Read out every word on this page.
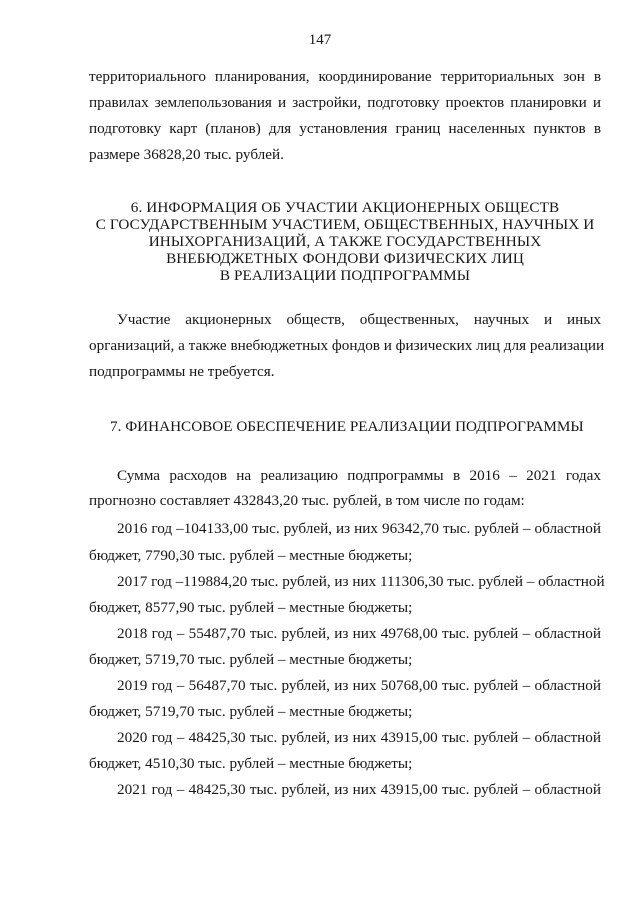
147
территориального планирования, координирование территориальных зон в
правилах землепользования и застройки, подготовку проектов планировки и
подготовку карт (планов) для установления границ населенных пунктов в
размере 36828,20 тыс. рублей.
6. ИНФОРМАЦИЯ ОБ УЧАСТИИ АКЦИОНЕРНЫХ ОБЩЕСТВ
С ГОСУДАРСТВЕННЫМ УЧАСТИЕМ, ОБЩЕСТВЕННЫХ, НАУЧНЫХ И
ИНЫХОРГАНИЗАЦИЙ, А ТАКЖЕ ГОСУДАРСТВЕННЫХ
ВНЕБЮДЖЕТНЫХ ФОНДОВИ ФИЗИЧЕСКИХ ЛИЦ
В РЕАЛИЗАЦИИ ПОДПРОГРАММЫ
Участие акционерных обществ, общественных, научных и иных
организаций, а также внебюджетных фондов и физических лиц для реализации
подпрограммы не требуется.
7. ФИНАНСОВОЕ ОБЕСПЕЧЕНИЕ РЕАЛИЗАЦИИ ПОДПРОГРАММЫ
Сумма расходов на реализацию подпрограммы в 2016 – 2021 годах
прогнозно составляет 432843,20 тыс. рублей, в том числе по годам:
2016 год –104133,00 тыс. рублей, из них 96342,70 тыс. рублей – областной
бюджет, 7790,30 тыс. рублей – местные бюджеты;
2017 год –119884,20 тыс. рублей, из них 111306,30 тыс. рублей – областной
бюджет, 8577,90 тыс. рублей – местные бюджеты;
2018 год – 55487,70 тыс. рублей, из них 49768,00 тыс. рублей – областной
бюджет, 5719,70 тыс. рублей – местные бюджеты;
2019 год – 56487,70 тыс. рублей, из них 50768,00 тыс. рублей – областной
бюджет, 5719,70 тыс. рублей – местные бюджеты;
2020 год – 48425,30 тыс. рублей, из них 43915,00 тыс. рублей – областной
бюджет, 4510,30 тыс. рублей – местные бюджеты;
2021 год – 48425,30 тыс. рублей, из них 43915,00 тыс. рублей – областной
